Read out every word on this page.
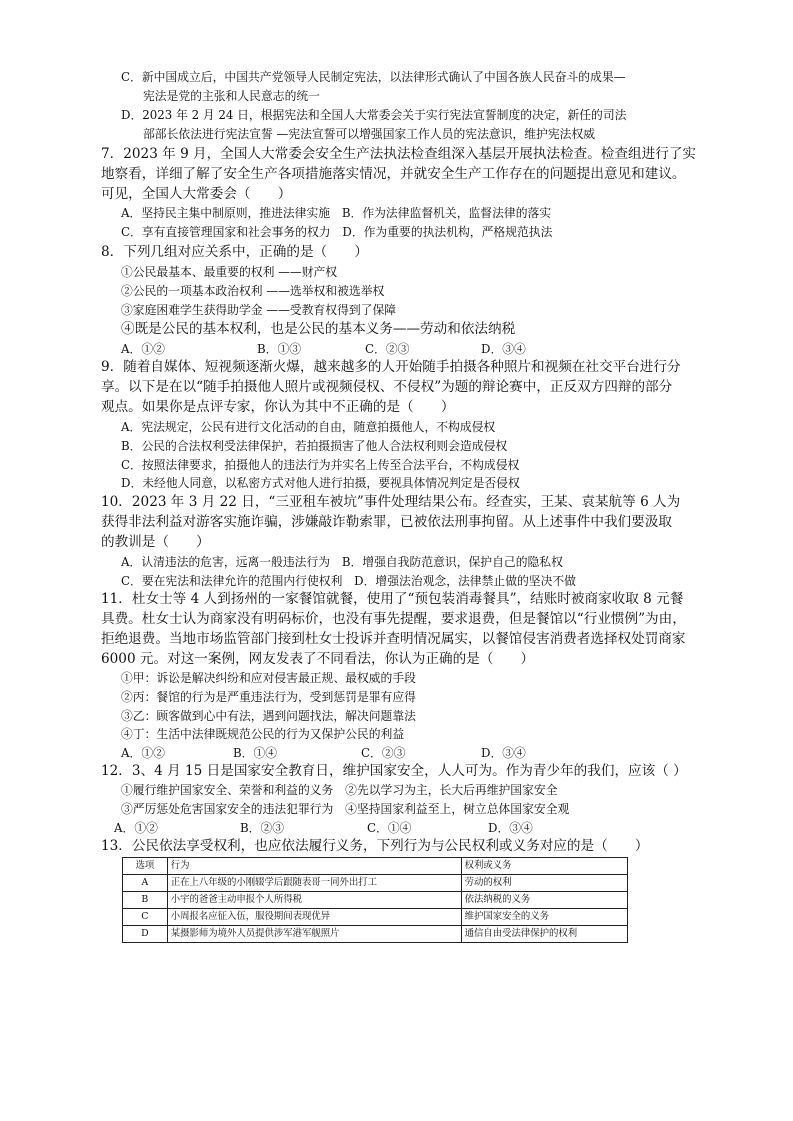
C．新中国成立后，中国共产党领导人民制定宪法，以法律形式确认了中国各族人民奋斗的成果—
宪法是党的主张和人民意志的统一
D．2023 年 2 月 24 日，根据宪法和全国人大常委会关于实行宪法宣誓制度的决定，新任的司法
部部长依法进行宪法宣誓 —宪法宣誓可以增强国家工作人员的宪法意识，维护宪法权威
7．2023 年 9 月，全国人大常委会安全生产法执法检查组深入基层开展执法检查。检查组进行了实
地察看，详细了解了安全生产各项措施落实情况，并就安全生产工作存在的问题提出意见和建议。
可见，全国人大常委会（　　）
A．坚持民主集中制原则，推进法律实施　B．作为法律监督机关，监督法律的落实
C．享有直接管理国家和社会事务的权力　D．作为重要的执法机构，严格规范执法
8．下列几组对应关系中，正确的是（　　）
①公民最基本、最重要的权利 ——财产权
②公民的一项基本政治权利 ——选举权和被选举权
③家庭困难学生获得助学金 ——受教育权得到了保障
④既是公民的基本权利，也是公民的基本义务——劳动和依法纳税
A．①②	B．①③	C．②③	D．③④
9．随着自媒体、短视频逐渐火爆，越来越多的人开始随手拍摄各种照片和视频在社交平台进行分
享。以下是在以“随手拍摄他人照片或视频侵权、不侵权”为题的辩论赛中，正反双方四辩的部分
观点。如果你是点评专家，你认为其中不正确的是（　　）
A．宪法规定，公民有进行文化活动的自由，随意拍摄他人，不构成侵权
B．公民的合法权利受法律保护，若拍摄损害了他人合法权利则会造成侵权
C．按照法律要求，拍摄他人的违法行为并实名上传至合法平台，不构成侵权
D．未经他人同意，以私密方式对他人进行拍摄，要视具体情况判定是否侵权
10．2023 年 3 月 22 日，“三亚租车被坑”事件处理结果公布。经查实，王某、袁某航等 6 人为
获得非法利益对游客实施诈骗，涉嫌敲诈勒索罪，已被依法刑事拘留。从上述事件中我们要汲取
的教训是（　　）
A．认清违法的危害，远离一般违法行为　B．增强自我防范意识，保护自己的隐私权
C．要在宪法和法律允许的范围内行使权利　D．增强法治观念，法律禁止做的坚决不做
11．杜女士等 4 人到扬州的一家餐馆就餐，使用了“预包装消毒餐具”，结账时被商家收取 8 元餐
具费。杜女士认为商家没有明码标价，也没有事先提醒，要求退费，但是餐馆以“行业惯例”为由，
拒绝退费。当地市场监管部门接到杜女士投诉并查明情况属实，以餐馆侵害消费者选择权处罚商家
6000 元。对这一案例，网友发表了不同看法，你认为正确的是（　　）
①甲：诉讼是解决纠纷和应对侵害最正规、最权威的手段
②丙：餐馆的行为是严重违法行为，受到惩罚是罪有应得
③乙：顾客做到心中有法，遇到问题找法，解决问题靠法
④丁：生活中法律既规范公民的行为又保护公民的利益
A．①②	B．①④	C．②③	D．③④
12．3、4 月 15 日是国家安全教育日，维护国家安全，人人可为。作为青少年的我们，应该（ ）
①履行维护国家安全、荣誉和利益的义务　②先以学习为主，长大后再维护国家安全
③严厉惩处危害国家安全的违法犯罪行为　④坚持国家利益至上，树立总体国家安全观
A．①②	B．②③	C．①④	D．③④
13．公民依法享受权利，也应依法履行义务，下列行为与公民权利或义务对应的是（　　）
选项	行为	权利或义务
A	正在上八年级的小刚辍学后跟随表哥一同外出打工	劳动的权利
B	小宇的爸爸主动申报个人所得税	依法纳税的义务
C	小周报名应征入伍，服役期间表现优异	维护国家安全的义务
D	某摄影师为境外人员提供涉军港军舰照片	通信自由受法律保护的权利
